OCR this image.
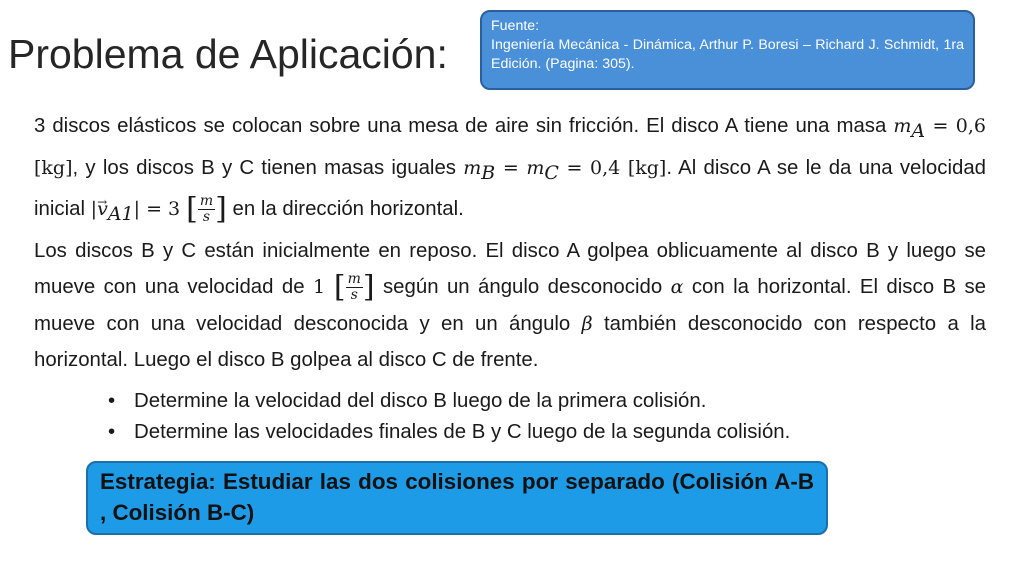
Problema de Aplicación:
Fuente:
Ingeniería Mecánica - Dinámica, Arthur P. Boresi – Richard J. Schmidt, 1ra Edición. (Pagina: 305).

3 discos elásticos se colocan sobre una mesa de aire sin fricción. El disco A tiene una masa $m_A = 0,6$ [kg], y los discos B y C tienen masas iguales $m_B = m_C = 0,4$ [kg]. Al disco A se le da una velocidad inicial |→ $v_{A1}| = 3$ [ $\frac{m}{s}$ ] en la dirección horizontal.

Los discos B y C están inicialmente en reposo. El disco A golpea oblicuamente al disco B y luego se mueve con una velocidad de 1 [ $\frac{m}{s}$ ] según un ángulo desconocido α con la horizontal. El disco B se mueve con una velocidad desconocida y en un ángulo β también desconocido con respecto a la horizontal. Luego el disco B golpea al disco C de frente.

• Determine la velocidad del disco B luego de la primera colisión.
• Determine las velocidades finales de B y C luego de la segunda colisión.
Estrategia: Estudiar las dos colisiones por separado (Colisión A-B , Colisión B-C)
